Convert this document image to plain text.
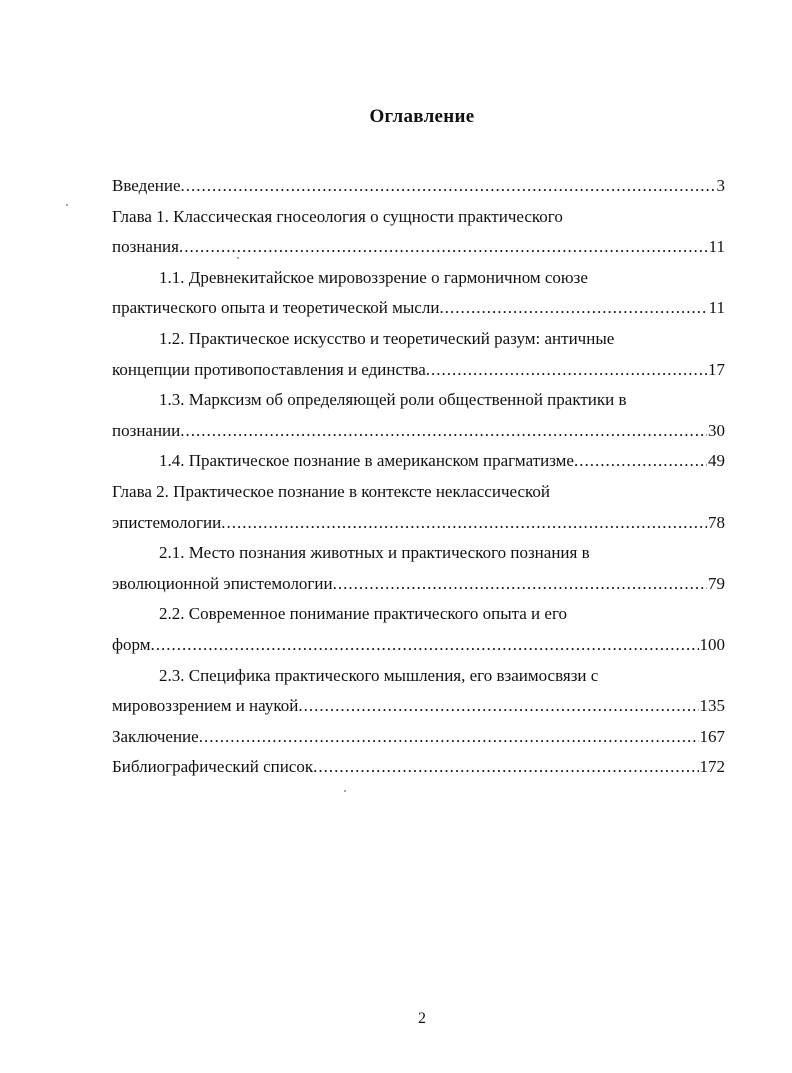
Оглавление
Введение .....	3
Глава 1. Классическая гносеология о сущности практического
познания .....	11
1.1. Древнекитайское мировоззрение о гармоничном союзе
практического опыта и теоретической мысли .....	11
1.2. Практическое искусство и теоретический разум: античные
концепции противопоставления и единства .....	17
1.3. Марксизм об определяющей роли общественной практики в
познании .....	30
1.4. Практическое познание в американском прагматизме .....	49
Глава 2. Практическое познание в контексте неклассической
эпистемологии .....	78
2.1. Место познания животных и практического познания в
эволюционной эпистемологии .....	79
2.2. Современное понимание практического опыта и его
форм .....	100
2.3. Специфика практического мышления, его взаимосвязи с
мировоззрением и наукой .....	135
Заключение .....	167
Библиографический список .....	172
2
